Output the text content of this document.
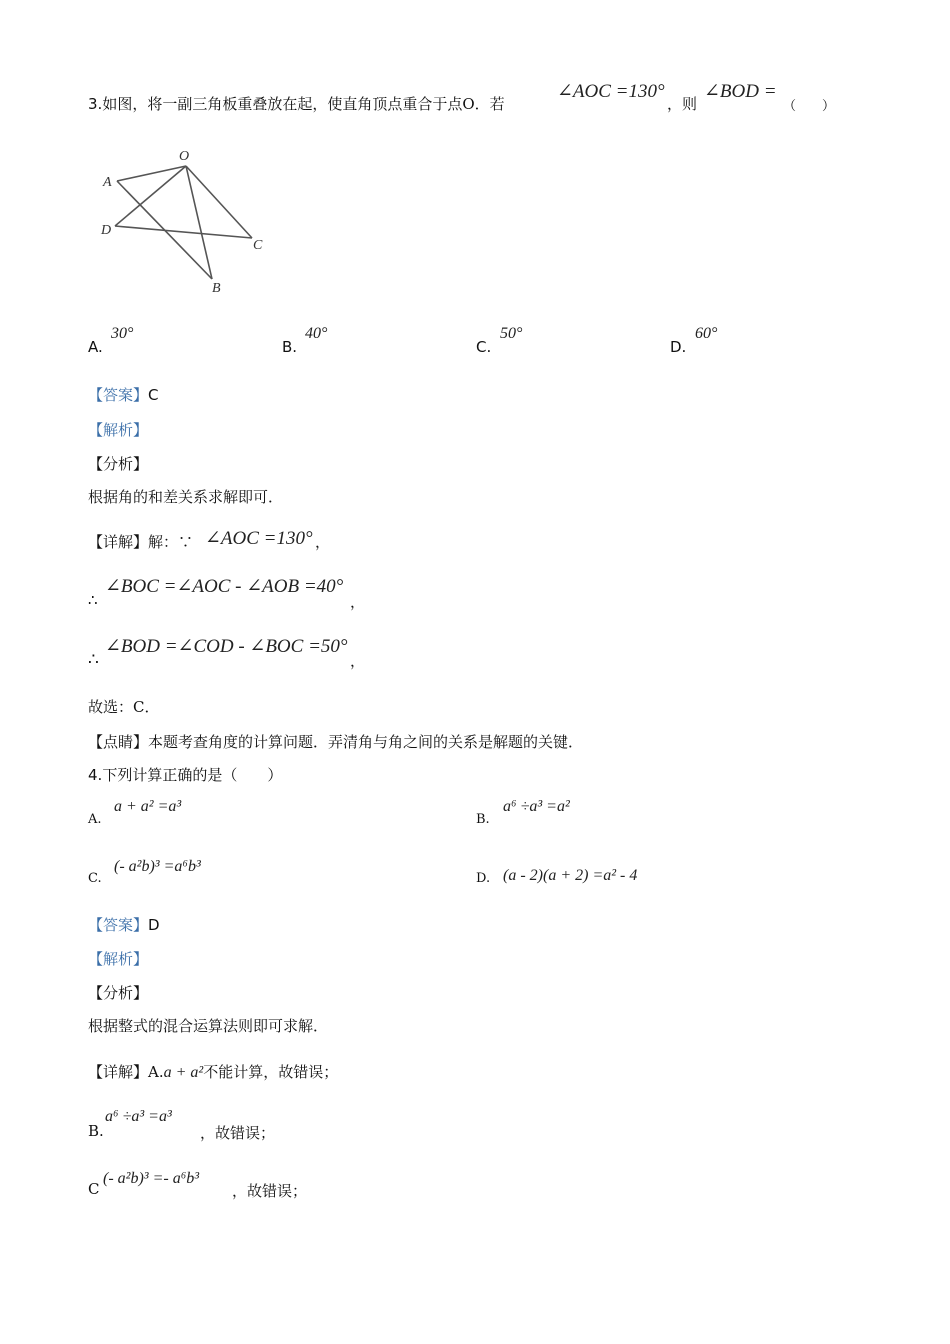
3.如图，将一副三角板重叠放在起，使直角顶点重合于点O．若
∠AOC =130°
，则
∠BOD =
（　　）
O
A
D
C
B
A.
30°
B.
40°
C.
50°
D.
60°
【答案】C
【解析】
【分析】
根据角的和差关系求解即可．
【详解】解：∵ ∠AOC =130° ，
∴
∠BOC =∠AOC - ∠AOB =40°
，
∴
∠BOD =∠COD - ∠BOC =50°
，
故选：C．
【点睛】本题考查角度的计算问题．弄清角与角之间的关系是解题的关键．
4.下列计算正确的是（　　）
A.
a + a² =a³
B.
a⁶ ÷a³ =a²
C.
(- a²b)³ =a⁶b³
D. (a - 2)(a + 2) =a² - 4
【答案】D
【解析】
【分析】
根据整式的混合运算法则即可求解．
【详解】A.a + a²不能计算，故错误；
B.
a⁶ ÷a³ =a³
，故错误；
C
(- a²b)³ =- a⁶b³
，故错误；
